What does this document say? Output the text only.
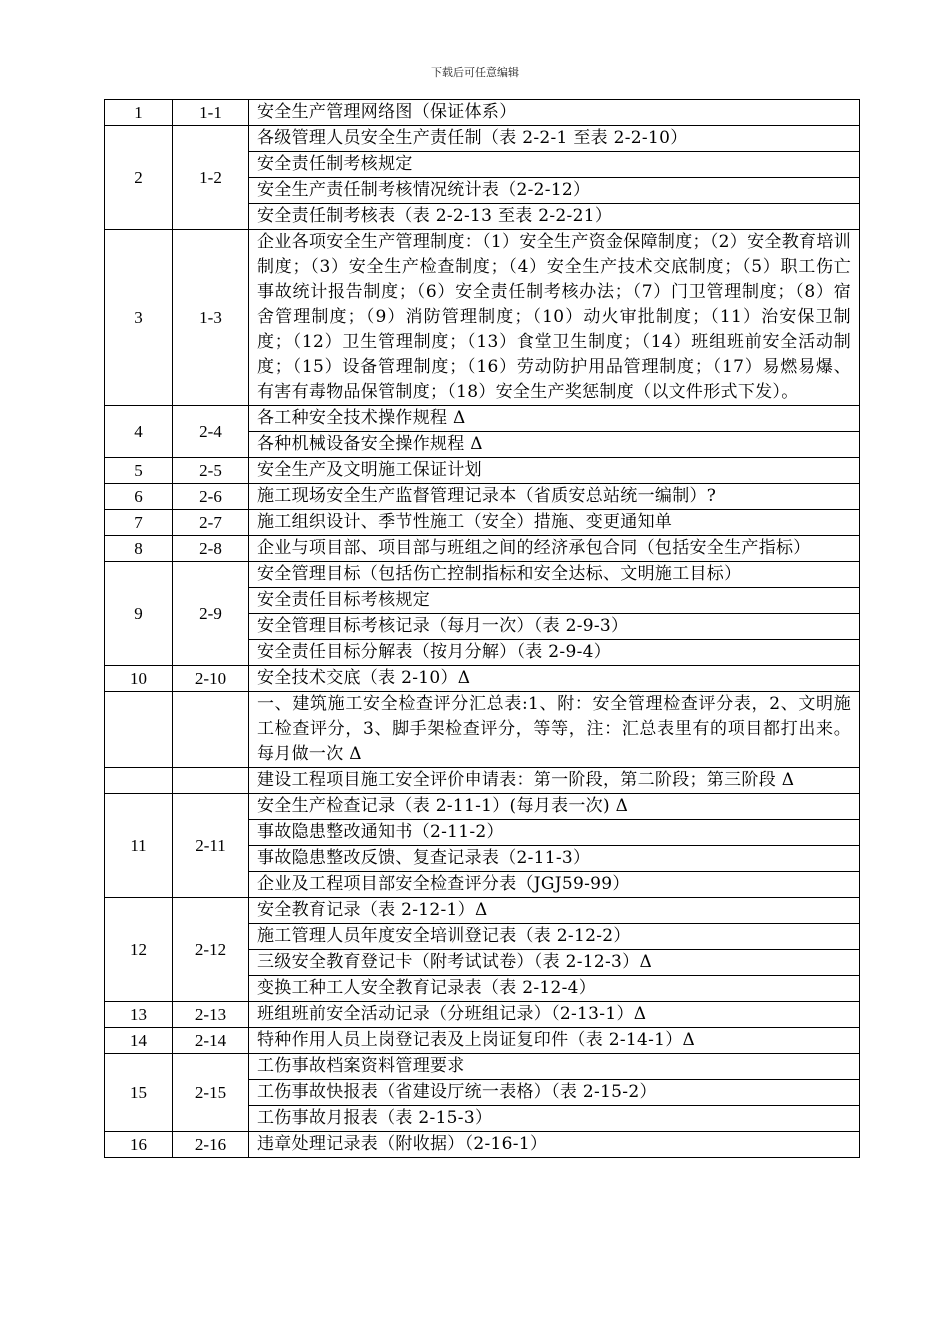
下载后可任意编辑
1	1-1	安全生产管理网络图（保证体系）
2	1-2	各级管理人员安全生产责任制（表 2-2-1 至表 2-2-10）
		安全责任制考核规定
		安全生产责任制考核情况统计表（2-2-12）
		安全责任制考核表（表 2-2-13 至表 2-2-21）
3	1-3	企业各项安全生产管理制度：（1）安全生产资金保障制度；（2）安全教育培训制度；（3）安全生产检查制度；（4）安全生产技术交底制度；（5）职工伤亡事故统计报告制度；（6）安全责任制考核办法；（7）门卫管理制度；（8）宿舍管理制度；（9）消防管理制度；（10）动火审批制度；（11）治安保卫制度；（12）卫生管理制度；（13）食堂卫生制度；（14）班组班前安全活动制度；（15）设备管理制度；（16）劳动防护用品管理制度；（17）易燃易爆、有害有毒物品保管制度；（18）安全生产奖惩制度（以文件形式下发）。
4	2-4	各工种安全技术操作规程 Δ
		各种机械设备安全操作规程 Δ
5	2-5	安全生产及文明施工保证计划
6	2-6	施工现场安全生产监督管理记录本（省质安总站统一编制）?
7	2-7	施工组织设计、季节性施工（安全）措施、变更通知单
8	2-8	企业与项目部、项目部与班组之间的经济承包合同（包括安全生产指标）
9	2-9	安全管理目标（包括伤亡控制指标和安全达标、文明施工目标）
		安全责任目标考核规定
		安全管理目标考核记录（每月一次）（表 2-9-3）
		安全责任目标分解表（按月分解）（表 2-9-4）
10	2-10	安全技术交底（表 2-10）Δ
		一、建筑施工安全检查评分汇总表:1、附：安全管理检查评分表，2、文明施工检查评分，3、脚手架检查评分，等等，注：汇总表里有的项目都打出来。每月做一次 Δ
		建设工程项目施工安全评价申请表：第一阶段，第二阶段；第三阶段 Δ
11	2-11	安全生产检查记录（表 2-11-1）(每月表一次) Δ
		事故隐患整改通知书（2-11-2）
		事故隐患整改反馈、复查记录表（2-11-3）
		企业及工程项目部安全检查评分表（JGJ59-99）
12	2-12	安全教育记录（表 2-12-1）Δ
		施工管理人员年度安全培训登记表（表 2-12-2）
		三级安全教育登记卡（附考试试卷）（表 2-12-3）Δ
		变换工种工人安全教育记录表（表 2-12-4）
13	2-13	班组班前安全活动记录（分班组记录）（2-13-1）Δ
14	2-14	特种作用人员上岗登记表及上岗证复印件（表 2-14-1）Δ
15	2-15	工伤事故档案资料管理要求
		工伤事故快报表（省建设厅统一表格）（表 2-15-2）
		工伤事故月报表（表 2-15-3）
16	2-16	违章处理记录表（附收据）（2-16-1）
